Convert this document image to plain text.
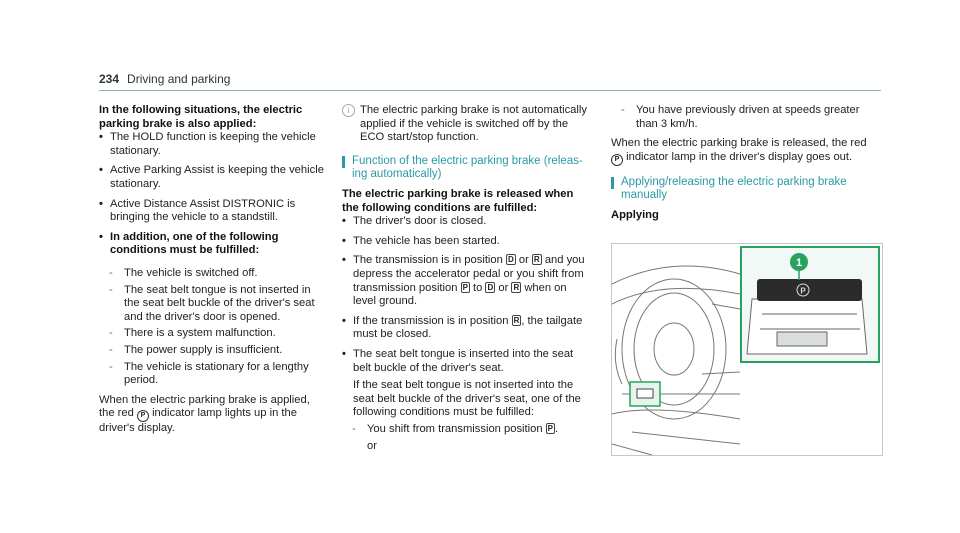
234 Driving and parking
In the following situations, the electric parking brake is also applied:
• The HOLD function is keeping the vehicle stationary.
• Active Parking Assist is keeping the vehicle stationary.
• Active Distance Assist DISTRONIC is bringing the vehicle to a standstill.
• In addition, one of the following conditions must be fulfilled:
- The vehicle is switched off.
- The seat belt tongue is not inserted in the seat belt buckle of the driver's seat and the driver's door is opened.
- There is a system malfunction.
- The power supply is insufficient.
- The vehicle is stationary for a lengthy period.
When the electric parking brake is applied, the red P indicator lamp lights up in the driver's display.
i The electric parking brake is not automatically applied if the vehicle is switched off by the ECO start/stop function.
Function of the electric parking brake (releasing automatically)
The electric parking brake is released when the following conditions are fulfilled:
• The driver's door is closed.
• The vehicle has been started.
• The transmission is in position D or R and you depress the accelerator pedal or you shift from transmission position P to D or R when on level ground.
• If the transmission is in position R , the tailgate must be closed.
• The seat belt tongue is inserted into the seat belt buckle of the driver's seat.
If the seat belt tongue is not inserted into the seat belt buckle of the driver's seat, one of the following conditions must be fulfilled:
- You shift from transmission position P .
or
- You have previously driven at speeds greater than 3 km/h.
When the electric parking brake is released, the red P indicator lamp in the driver's display goes out.
Applying/releasing the electric parking brake manually
Applying
P
1
